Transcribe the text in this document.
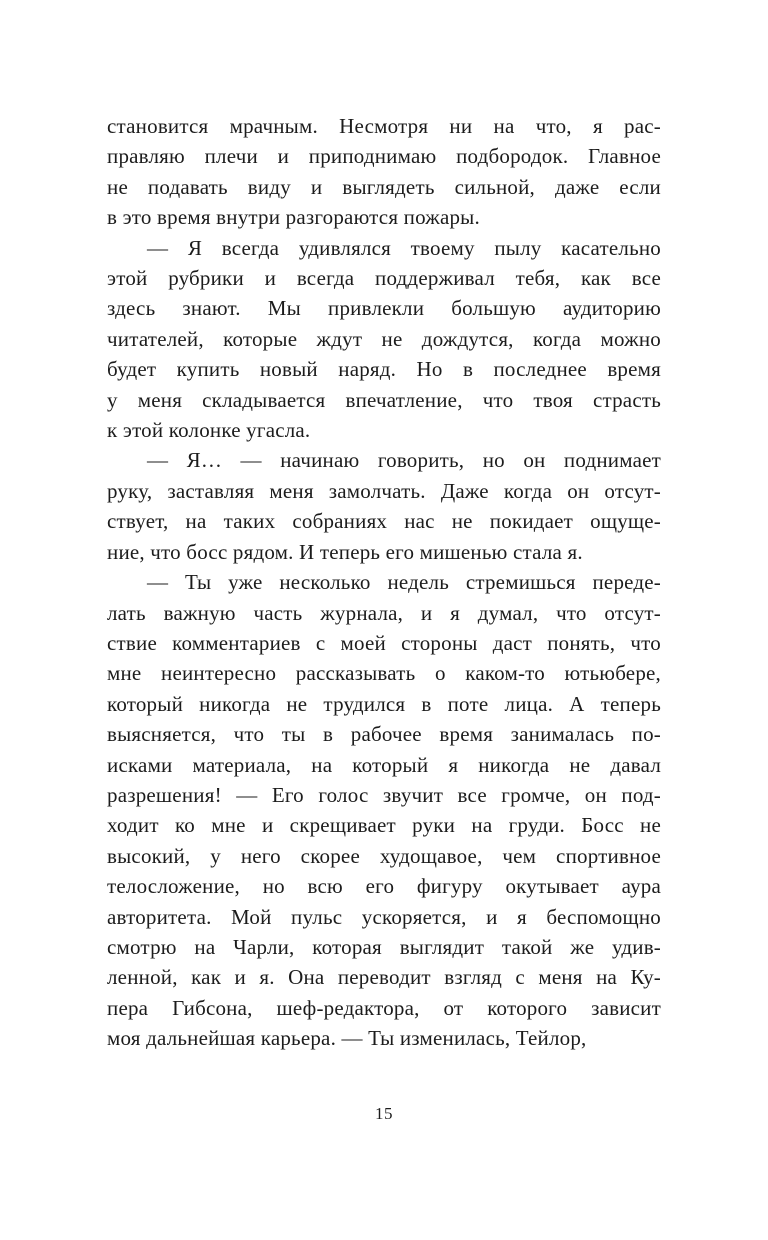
становится мрачным. Несмотря ни на что, я рас-
правляю плечи и приподнимаю подбородок. Главное
не подавать виду и выглядеть сильной, даже если
в это время внутри разгораются пожары.

— Я всегда удивлялся твоему пылу касательно
этой рубрики и всегда поддерживал тебя, как все
здесь знают. Мы привлекли большую аудиторию
читателей, которые ждут не дождутся, когда можно
будет купить новый наряд. Но в последнее время
у меня складывается впечатление, что твоя страсть
к этой колонке угасла.

— Я… — начинаю говорить, но он поднимает
руку, заставляя меня замолчать. Даже когда он отсут-
ствует, на таких собраниях нас не покидает ощуще-
ние, что босс рядом. И теперь его мишенью стала я.

— Ты уже несколько недель стремишься переде-
лать важную часть журнала, и я думал, что отсут-
ствие комментариев с моей стороны даст понять, что
мне неинтересно рассказывать о каком-то ютьюбере,
который никогда не трудился в поте лица. А теперь
выясняется, что ты в рабочее время занималась по-
исками материала, на который я никогда не давал
разрешения! — Его голос звучит все громче, он под-
ходит ко мне и скрещивает руки на груди. Босс не
высокий, у него скорее худощавое, чем спортивное
телосложение, но всю его фигуру окутывает аура
авторитета. Мой пульс ускоряется, и я беспомощно
смотрю на Чарли, которая выглядит такой же удив-
ленной, как и я. Она переводит взгляд с меня на Ку-
пера Гибсона, шеф-редактора, от которого зависит
моя дальнейшая карьера. — Ты изменилась, Тейлор,

15
